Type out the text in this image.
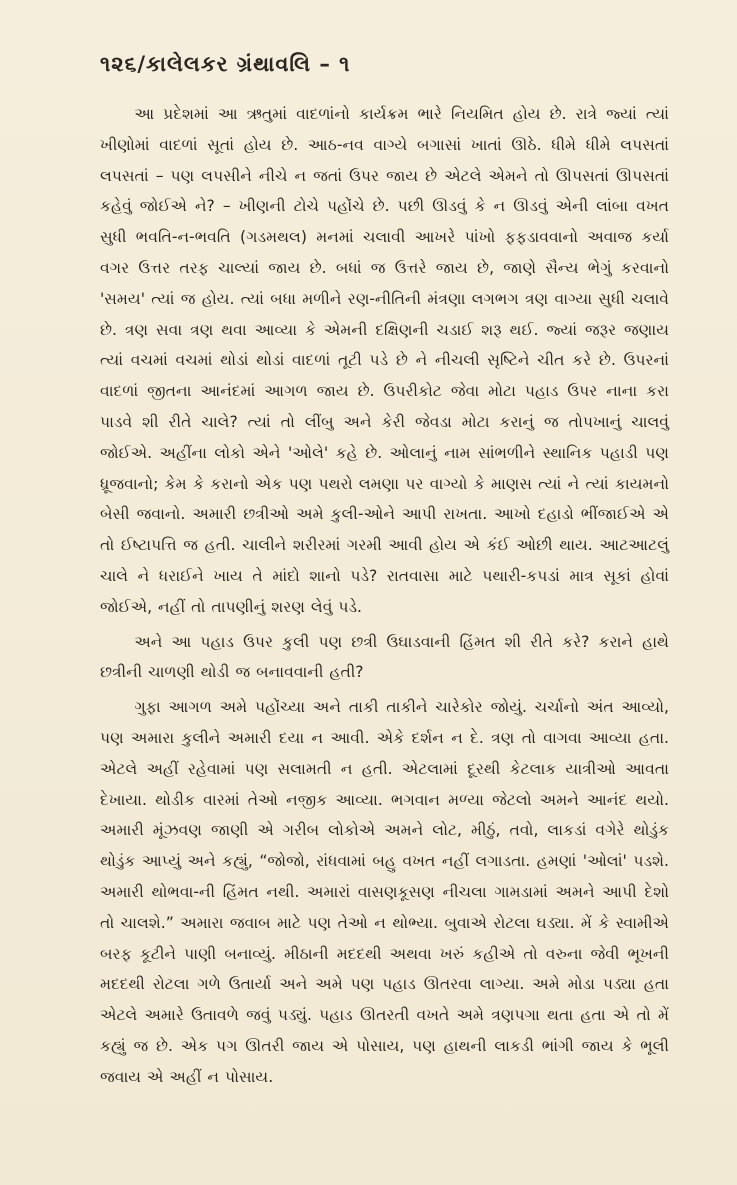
૧૨૬/કાલેલકર ગ્રંથાવલિ – ૧

આ પ્રદેશમાં આ ઋતુમાં વાદળાંનો કાર્યક્રમ ભારે નિયમિત હોય છે. રાત્રે જ્યાં ત્યાં ખીણોમાં વાદળાં સૂતાં હોય છે. આઠ-નવ વાગ્યે બગાસાં ખાતાં ઊઠે. ધીમે ધીમે લપસતાં લપસતાં – પણ લપસીને નીચે ન જતાં ઉપર જાય છે એટલે એમને તો ઊપસતાં ઊપસતાં કહેવું જોઈએ ને? – ખીણની ટોચે પહોંચે છે. પછી ઊડવું કે ન ઊડવું એની લાંબા વખત સુધી ભવતિ-ન-ભવતિ (ગડમથલ) મનમાં ચલાવી આખરે પાંખો ફફડાવવાનો અવાજ કર્યા વગર ઉત્તર તરફ ચાલ્યાં જાય છે. બધાં જ ઉત્તરે જાય છે, જાણે સૈન્ય ભેગું કરવાનો 'સમય' ત્યાં જ હોય. ત્યાં બધા મળીને રણ-નીતિની મંત્રણા લગભગ ત્રણ વાગ્યા સુધી ચલાવે છે. ત્રણ સવા ત્રણ થવા આવ્યા કે એમની દક્ષિણની ચડાઈ શરૂ થઈ. જ્યાં જરૂર જણાય ત્યાં વચમાં વચમાં થોડાં થોડાં વાદળાં તૂટી પડે છે ને નીચલી સૃષ્ટિને ચીત કરે છે. ઉપરનાં વાદળાં જીતના આનંદમાં આગળ જાય છે. ઉપરીકોટ જેવા મોટા પહાડ ઉપર નાના કરા પાડવે શી રીતે ચાલે? ત્યાં તો લીંબુ અને કેરી જેવડા મોટા કરાનું જ તોપખાનું ચાલવું જોઈએ. અહીંના લોકો એને 'ઓલે' કહે છે. ઓલાનું નામ સાંભળીને સ્થાનિક પહાડી પણ ધ્રૂજવાનો; કેમ કે કરાનો એક પણ પથરો લમણા પર વાગ્યો કે માણસ ત્યાં ને ત્યાં કાયમનો બેસી જવાનો. અમારી છત્રીઓ અમે કુલી-ઓને આપી રાખતા. આખો દહાડો ભીંજાઈએ એ તો ઈષ્ટાપત્તિ જ હતી. ચાલીને શરીરમાં ગરમી આવી હોય એ કંઈ ઓછી થાય. આટઆટલું ચાલે ને ધરાઈને ખાય તે માંદો શાનો પડે? રાતવાસા માટે પથારી-કપડાં માત્ર સૂકાં હોવાં જોઈએ, નહીં તો તાપણીનું શરણ લેવું પડે.

અને આ પહાડ ઉપર કુલી પણ છત્રી ઉઘાડવાની હિંમત શી રીતે કરે? કરાને હાથે છત્રીની ચાળણી થોડી જ બનાવવાની હતી?

ગુફા આગળ અમે પહોંચ્યા અને તાકી તાકીને ચારેકોર જોયું. ચર્ચાનો અંત આવ્યો, પણ અમારા કુલીને અમારી દયા ન આવી. એકે દર્શન ન દે. ત્રણ તો વાગવા આવ્યા હતા. એટલે અહીં રહેવામાં પણ સલામતી ન હતી. એટલામાં દૂરથી કેટલાક યાત્રીઓ આવતા દેખાયા. થોડીક વારમાં તેઓ નજીક આવ્યા. ભગવાન મળ્યા જેટલો અમને આનંદ થયો. અમારી મૂંઝવણ જાણી એ ગરીબ લોકોએ અમને લોટ, મીઠું, તવો, લાકડાં વગેરે થોડુંક થોડુંક આપ્યું અને કહ્યું, “જોજો, રાંધવામાં બહુ વખત નહીં લગાડતા. હમણાં 'ઓલાં' પડશે. અમારી થોભવા-ની હિંમત નથી. અમારાં વાસણકૂસણ નીચલા ગામડામાં અમને આપી દેશો તો ચાલશે.” અમારા જવાબ માટે પણ તેઓ ન થોભ્યા. બુવાએ રોટલા ઘડ્યા. મેં કે સ્વામીએ બરફ કૂટીને પાણી બનાવ્યું. મીઠાની મદદથી અથવા ખરું કહીએ તો વરુના જેવી ભૂખની મદદથી રોટલા ગળે ઉતાર્યા અને અમે પણ પહાડ ઊતરવા લાગ્યા. અમે મોડા પડ્યા હતા એટલે અમારે ઉતાવળે જવું પડ્યું. પહાડ ઊતરતી વખતે અમે ત્રણપગા થતા હતા એ તો મેં કહ્યું જ છે. એક પગ ઊતરી જાય એ પોસાય, પણ હાથની લાકડી ભાંગી જાય કે ભૂલી જવાય એ અહીં ન પોસાય.
